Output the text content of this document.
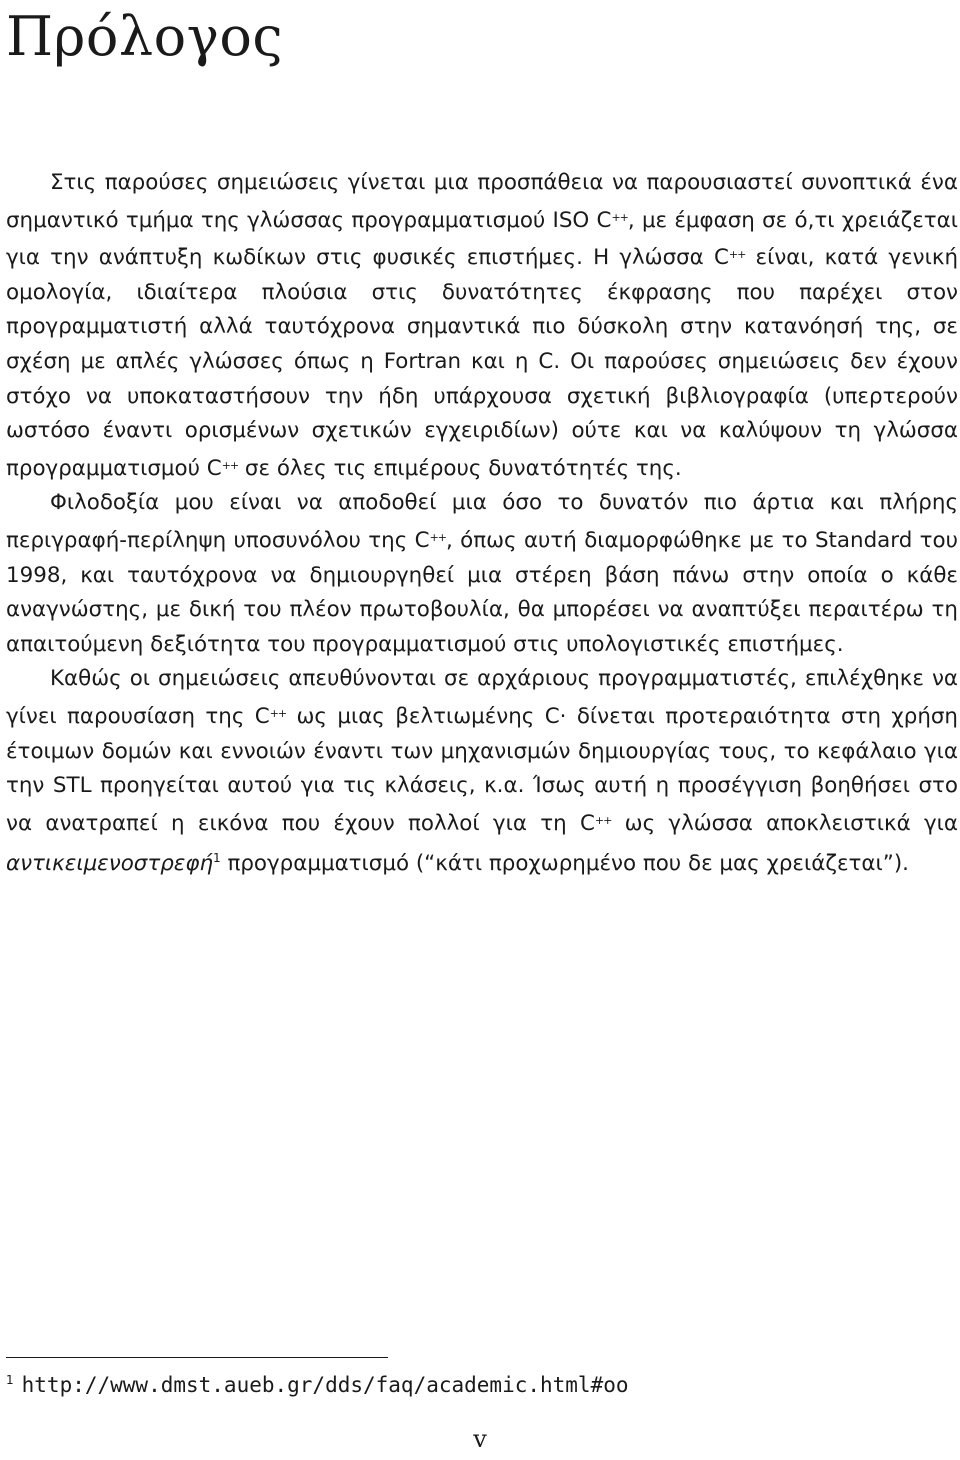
Πρόλογος

Στις παρούσες σημειώσεις γίνεται μια προσπάθεια να παρουσιαστεί συνοπτικά ένα σημαντικό τμήμα της γλώσσας προγραμματισμού ISO C++, με έμφαση σε ό,τι χρειάζεται για την ανάπτυξη κωδίκων στις φυσικές επιστήμες. Η γλώσσα C++ είναι, κατά γενική ομολογία, ιδιαίτερα πλούσια στις δυνατότητες έκφρασης που παρέχει στον προγραμματιστή αλλά ταυτόχρονα σημαντικά πιο δύσκολη στην κατανόησή της, σε σχέση με απλές γλώσσες όπως η Fortran και η C. Οι παρούσες σημειώσεις δεν έχουν στόχο να υποκαταστήσουν την ήδη υπάρχουσα σχετική βιβλιογραφία (υπερτερούν ωστόσο έναντι ορισμένων σχετικών εγχειριδίων) ούτε και να καλύψουν τη γλώσσα προγραμματισμού C++ σε όλες τις επιμέρους δυνατότητές της.

Φιλοδοξία μου είναι να αποδοθεί μια όσο το δυνατόν πιο άρτια και πλήρης περιγραφή-περίληψη υποσυνόλου της C++, όπως αυτή διαμορφώθηκε με το Standard του 1998, και ταυτόχρονα να δημιουργηθεί μια στέρεη βάση πάνω στην οποία ο κάθε αναγνώστης, με δική του πλέον πρωτοβουλία, θα μπορέσει να αναπτύξει περαιτέρω τη απαιτούμενη δεξιότητα του προγραμματισμού στις υπολογιστικές επιστήμες.

Καθώς οι σημειώσεις απευθύνονται σε αρχάριους προγραμματιστές, επιλέχθηκε να γίνει παρουσίαση της C++ ως μιας βελτιωμένης C· δίνεται προτεραιότητα στη χρήση έτοιμων δομών και εννοιών έναντι των μηχανισμών δημιουργίας τους, το κεφάλαιο για την STL προηγείται αυτού για τις κλάσεις, κ.α. Ίσως αυτή η προσέγγιση βοηθήσει στο να ανατραπεί η εικόνα που έχουν πολλοί για τη C++ ως γλώσσα αποκλειστικά για αντικειμενοστρεφή$^1$ προγραμματισμό (“κάτι προχωρημένο που δε μας χρειάζεται”).

$^1$ http://www.dmst.aueb.gr/dds/faq/academic.html#oo

v
